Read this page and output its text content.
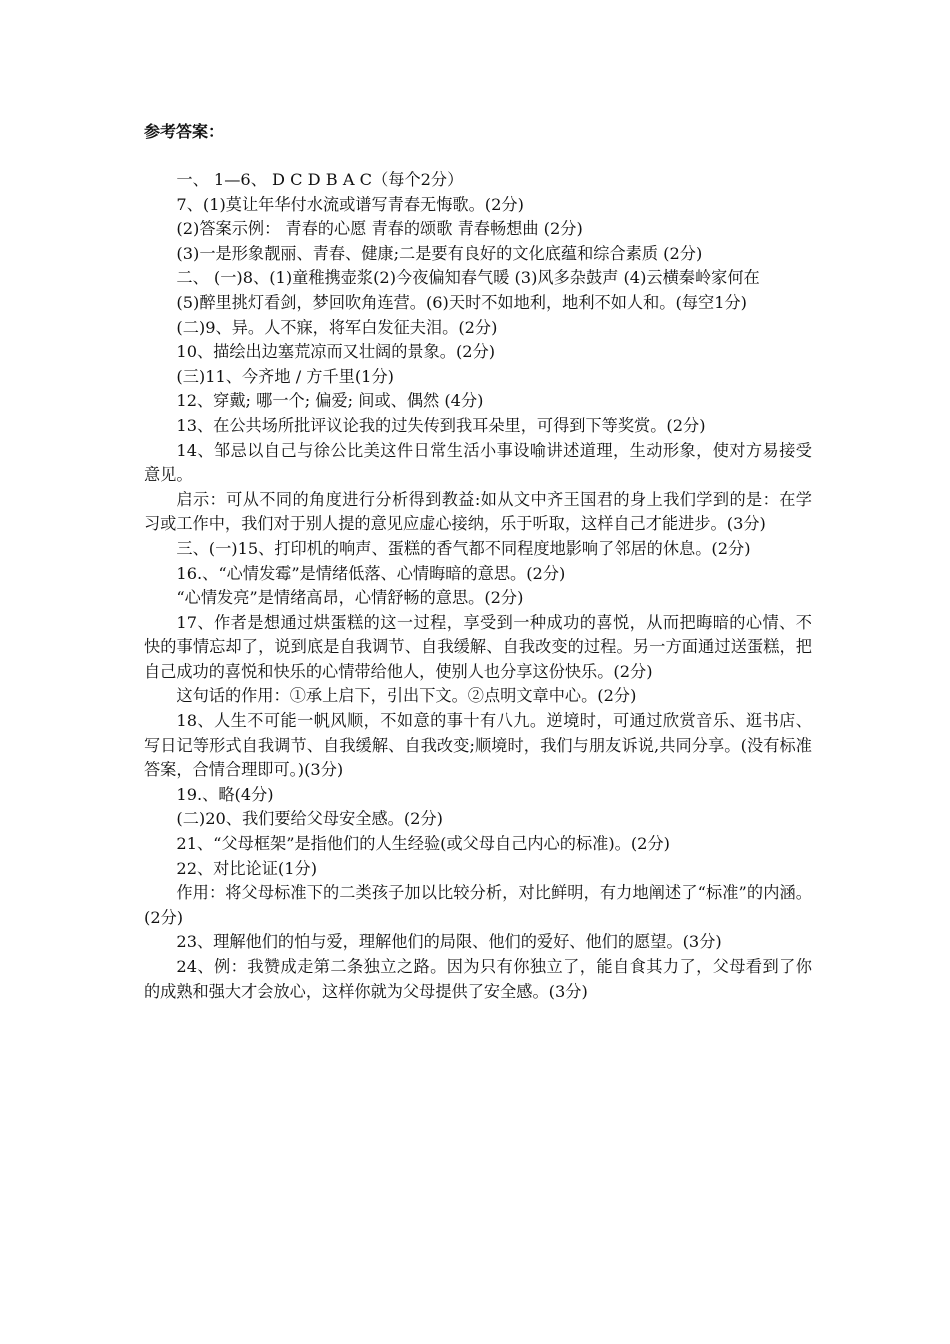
参考答案：

一、 1—6、 D C D B A C（每个2分）

7、(1)莫让年华付水流或谱写青春无悔歌。(2分)

(2)答案示例： 青春的心愿 青春的颂歌 青春畅想曲 (2分)

(3)一是形象靓丽、青春、健康;二是要有良好的文化底蕴和综合素质 (2分)

二、 (一)8、(1)童稚携壶浆(2)今夜偏知春气暖 (3)风多杂鼓声 (4)云横秦岭家何在

(5)醉里挑灯看剑，梦回吹角连营。(6)天时不如地利，地利不如人和。(每空1分)

(二)9、异。人不寐，将军白发征夫泪。(2分)

10、描绘出边塞荒凉而又壮阔的景象。(2分)

(三)11、今齐地 / 方千里(1分)

12、穿戴; 哪一个; 偏爱; 间或、偶然 (4分)

13、在公共场所批评议论我的过失传到我耳朵里，可得到下等奖赏。(2分)

14、邹忌以自己与徐公比美这件日常生活小事设喻讲述道理，生动形象，使对方易接受意见。

启示：可从不同的角度进行分析得到教益:如从文中齐王国君的身上我们学到的是：在学习或工作中，我们对于别人提的意见应虚心接纳，乐于听取，这样自己才能进步。(3分)

三、(一)15、打印机的响声、蛋糕的香气都不同程度地影响了邻居的休息。(2分)

16.、“心情发霉”是情绪低落、心情晦暗的意思。(2分)

“心情发亮”是情绪高昂，心情舒畅的意思。(2分)

17、作者是想通过烘蛋糕的这一过程，享受到一种成功的喜悦，从而把晦暗的心情、不快的事情忘却了，说到底是自我调节、自我缓解、自我改变的过程。另一方面通过送蛋糕，把自己成功的喜悦和快乐的心情带给他人，使别人也分享这份快乐。(2分)

这句话的作用：①承上启下，引出下文。②点明文章中心。(2分)

18、人生不可能一帆风顺，不如意的事十有八九。逆境时，可通过欣赏音乐、逛书店、写日记等形式自我调节、自我缓解、自我改变;顺境时，我们与朋友诉说,共同分享。(没有标准答案，合情合理即可。)(3分)

19.、略(4分)

(二)20、我们要给父母安全感。(2分)

21、“父母框架”是指他们的人生经验(或父母自己内心的标准)。(2分)

22、对比论证(1分)

作用：将父母标准下的二类孩子加以比较分析，对比鲜明，有力地阐述了“标准”的内涵。(2分)

23、理解他们的怕与爱，理解他们的局限、他们的爱好、他们的愿望。(3分)

24、例：我赞成走第二条独立之路。因为只有你独立了，能自食其力了，父母看到了你的成熟和强大才会放心，这样你就为父母提供了安全感。(3分)
